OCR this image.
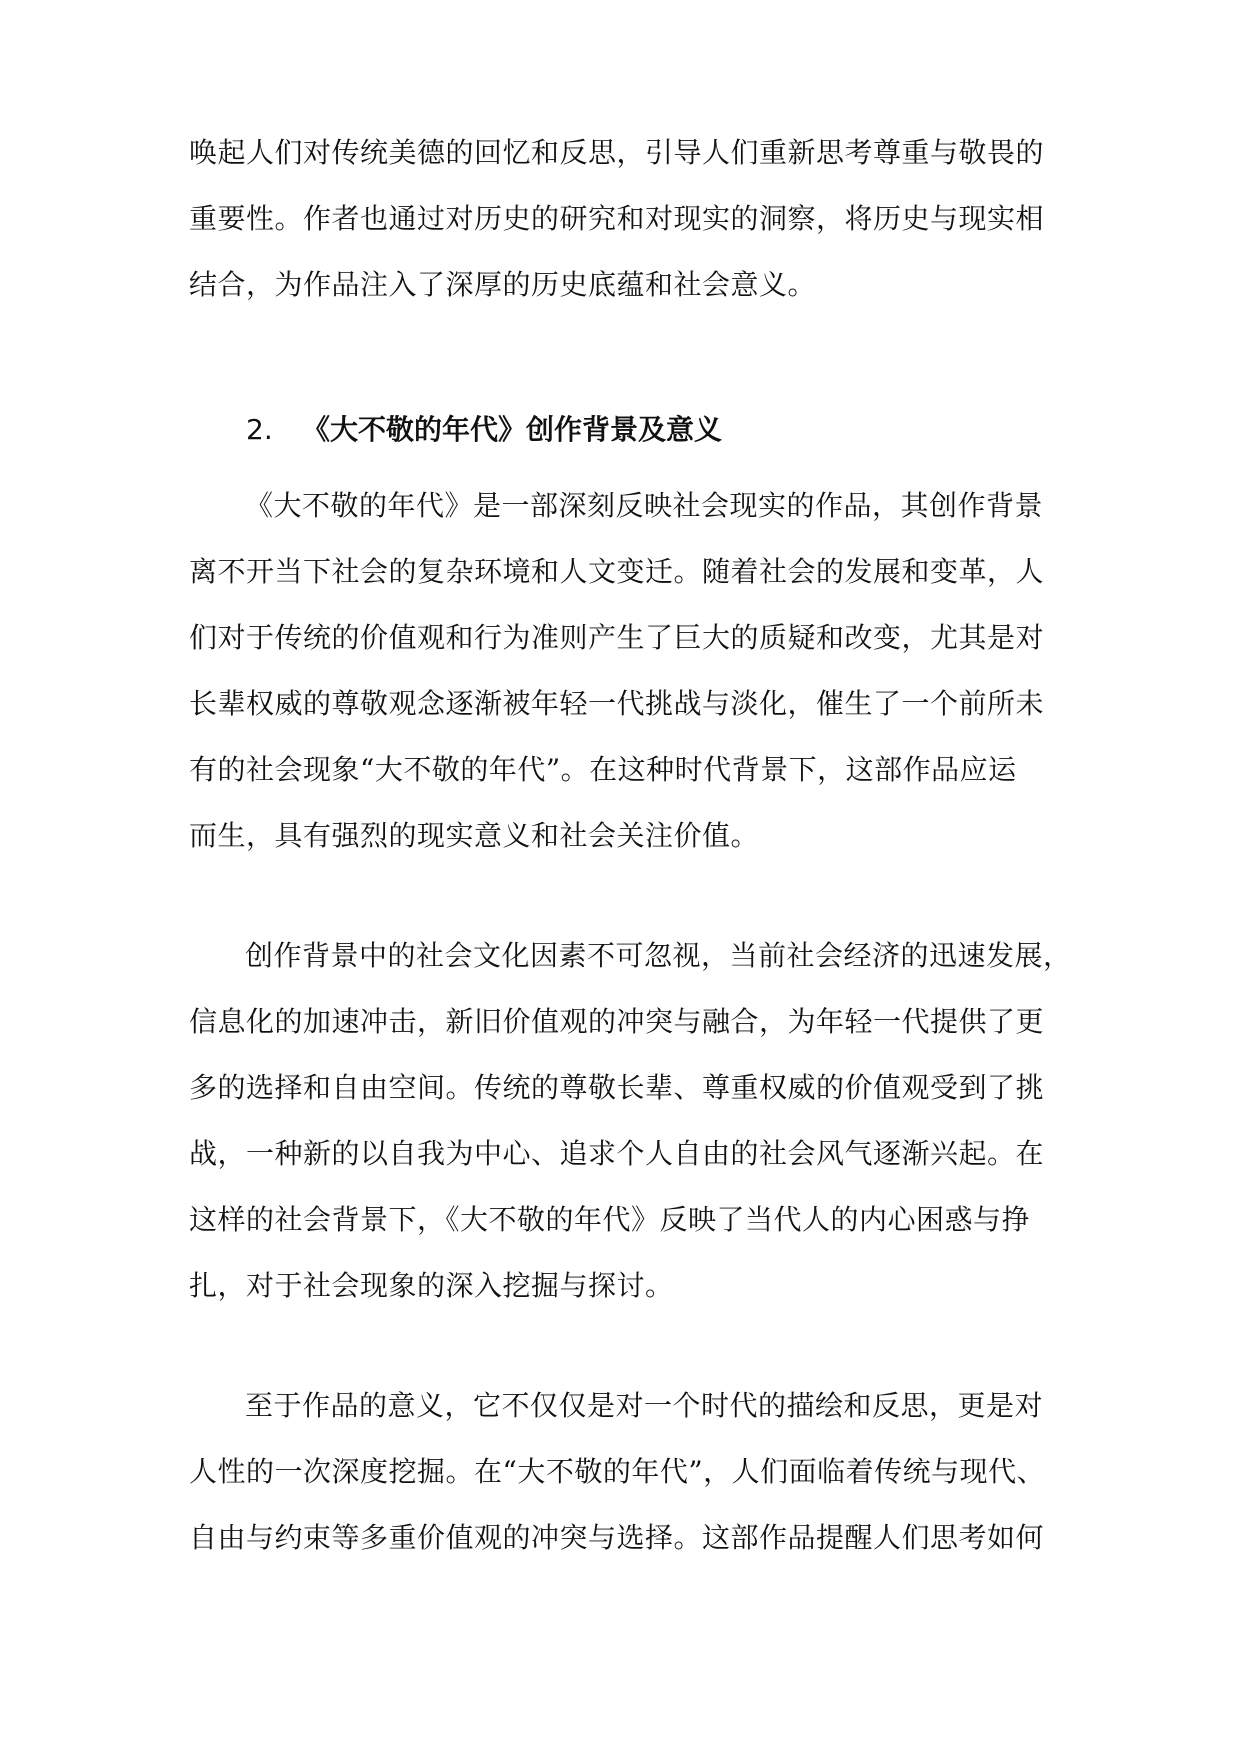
唤起人们对传统美德的回忆和反思，引导人们重新思考尊重与敬畏的
重要性。作者也通过对历史的研究和对现实的洞察，将历史与现实相
结合，为作品注入了深厚的历史底蕴和社会意义。
2. 《大不敬的年代》创作背景及意义
《大不敬的年代》是一部深刻反映社会现实的作品，其创作背景
离不开当下社会的复杂环境和人文变迁。随着社会的发展和变革，人
们对于传统的价值观和行为准则产生了巨大的质疑和改变，尤其是对
长辈权威的尊敬观念逐渐被年轻一代挑战与淡化，催生了一个前所未
有的社会现象“大不敬的年代”。在这种时代背景下，这部作品应运
而生，具有强烈的现实意义和社会关注价值。
创作背景中的社会文化因素不可忽视，当前社会经济的迅速发展，
信息化的加速冲击，新旧价值观的冲突与融合，为年轻一代提供了更
多的选择和自由空间。传统的尊敬长辈、尊重权威的价值观受到了挑
战，一种新的以自我为中心、追求个人自由的社会风气逐渐兴起。在
这样的社会背景下，《大不敬的年代》反映了当代人的内心困惑与挣
扎，对于社会现象的深入挖掘与探讨。
至于作品的意义，它不仅仅是对一个时代的描绘和反思，更是对
人性的一次深度挖掘。在“大不敬的年代”，人们面临着传统与现代、
自由与约束等多重价值观的冲突与选择。这部作品提醒人们思考如何
